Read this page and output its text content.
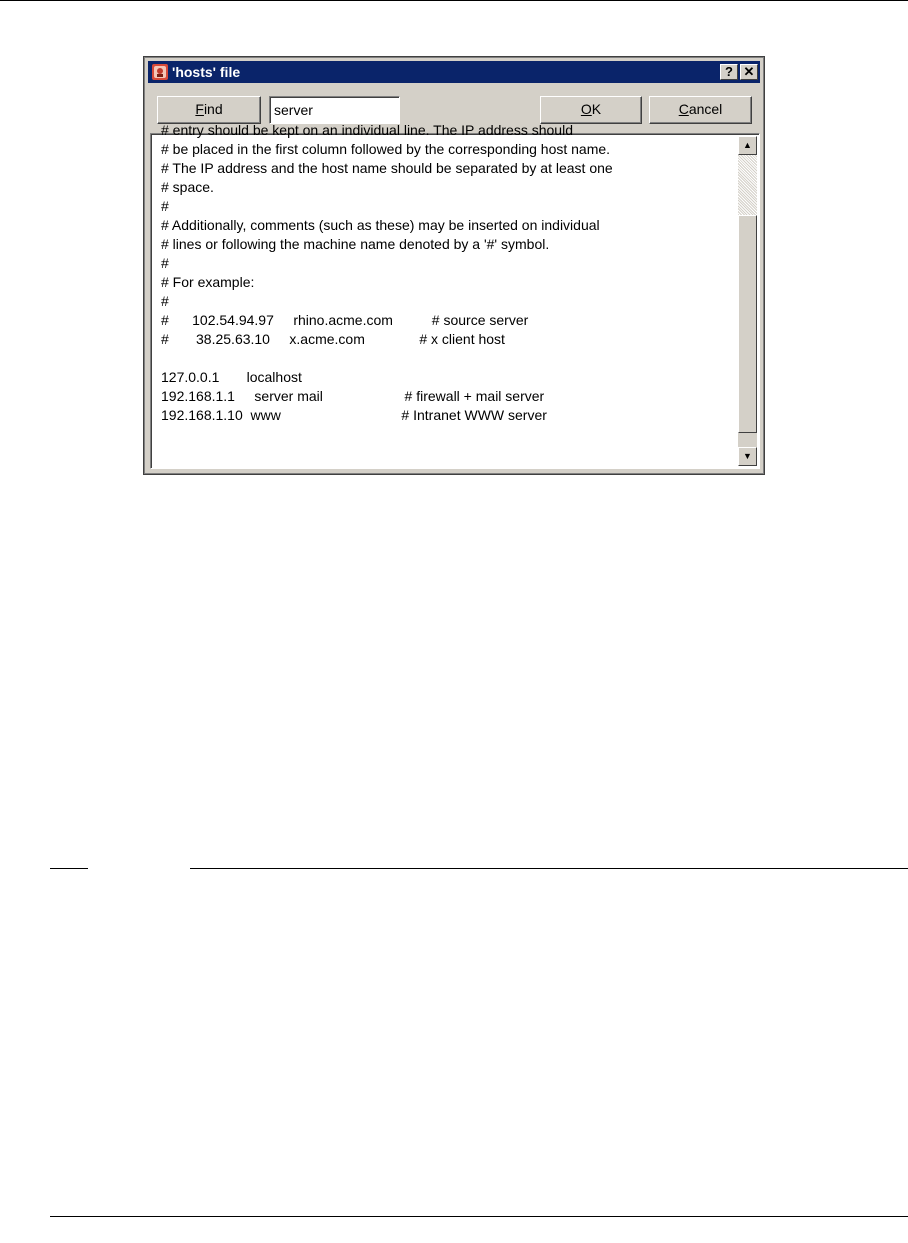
'hosts' file	? ✕
Find
server	OK	Cancel
# entry should be kept on an individual line. The IP address should
# be placed in the first column followed by the corresponding host name.
# The IP address and the host name should be separated by at least one
# space.
#
# Additionally, comments (such as these) may be inserted on individual
# lines or following the machine name denoted by a '#' symbol.
#
# For example:
#
#      102.54.94.97     rhino.acme.com          # source server
#       38.25.63.10     x.acme.com              # x client host
127.0.0.1       localhost
192.168.1.1     server mail                     # firewall + mail server
192.168.1.10  www                               # Intranet WWW server
▲
▼
